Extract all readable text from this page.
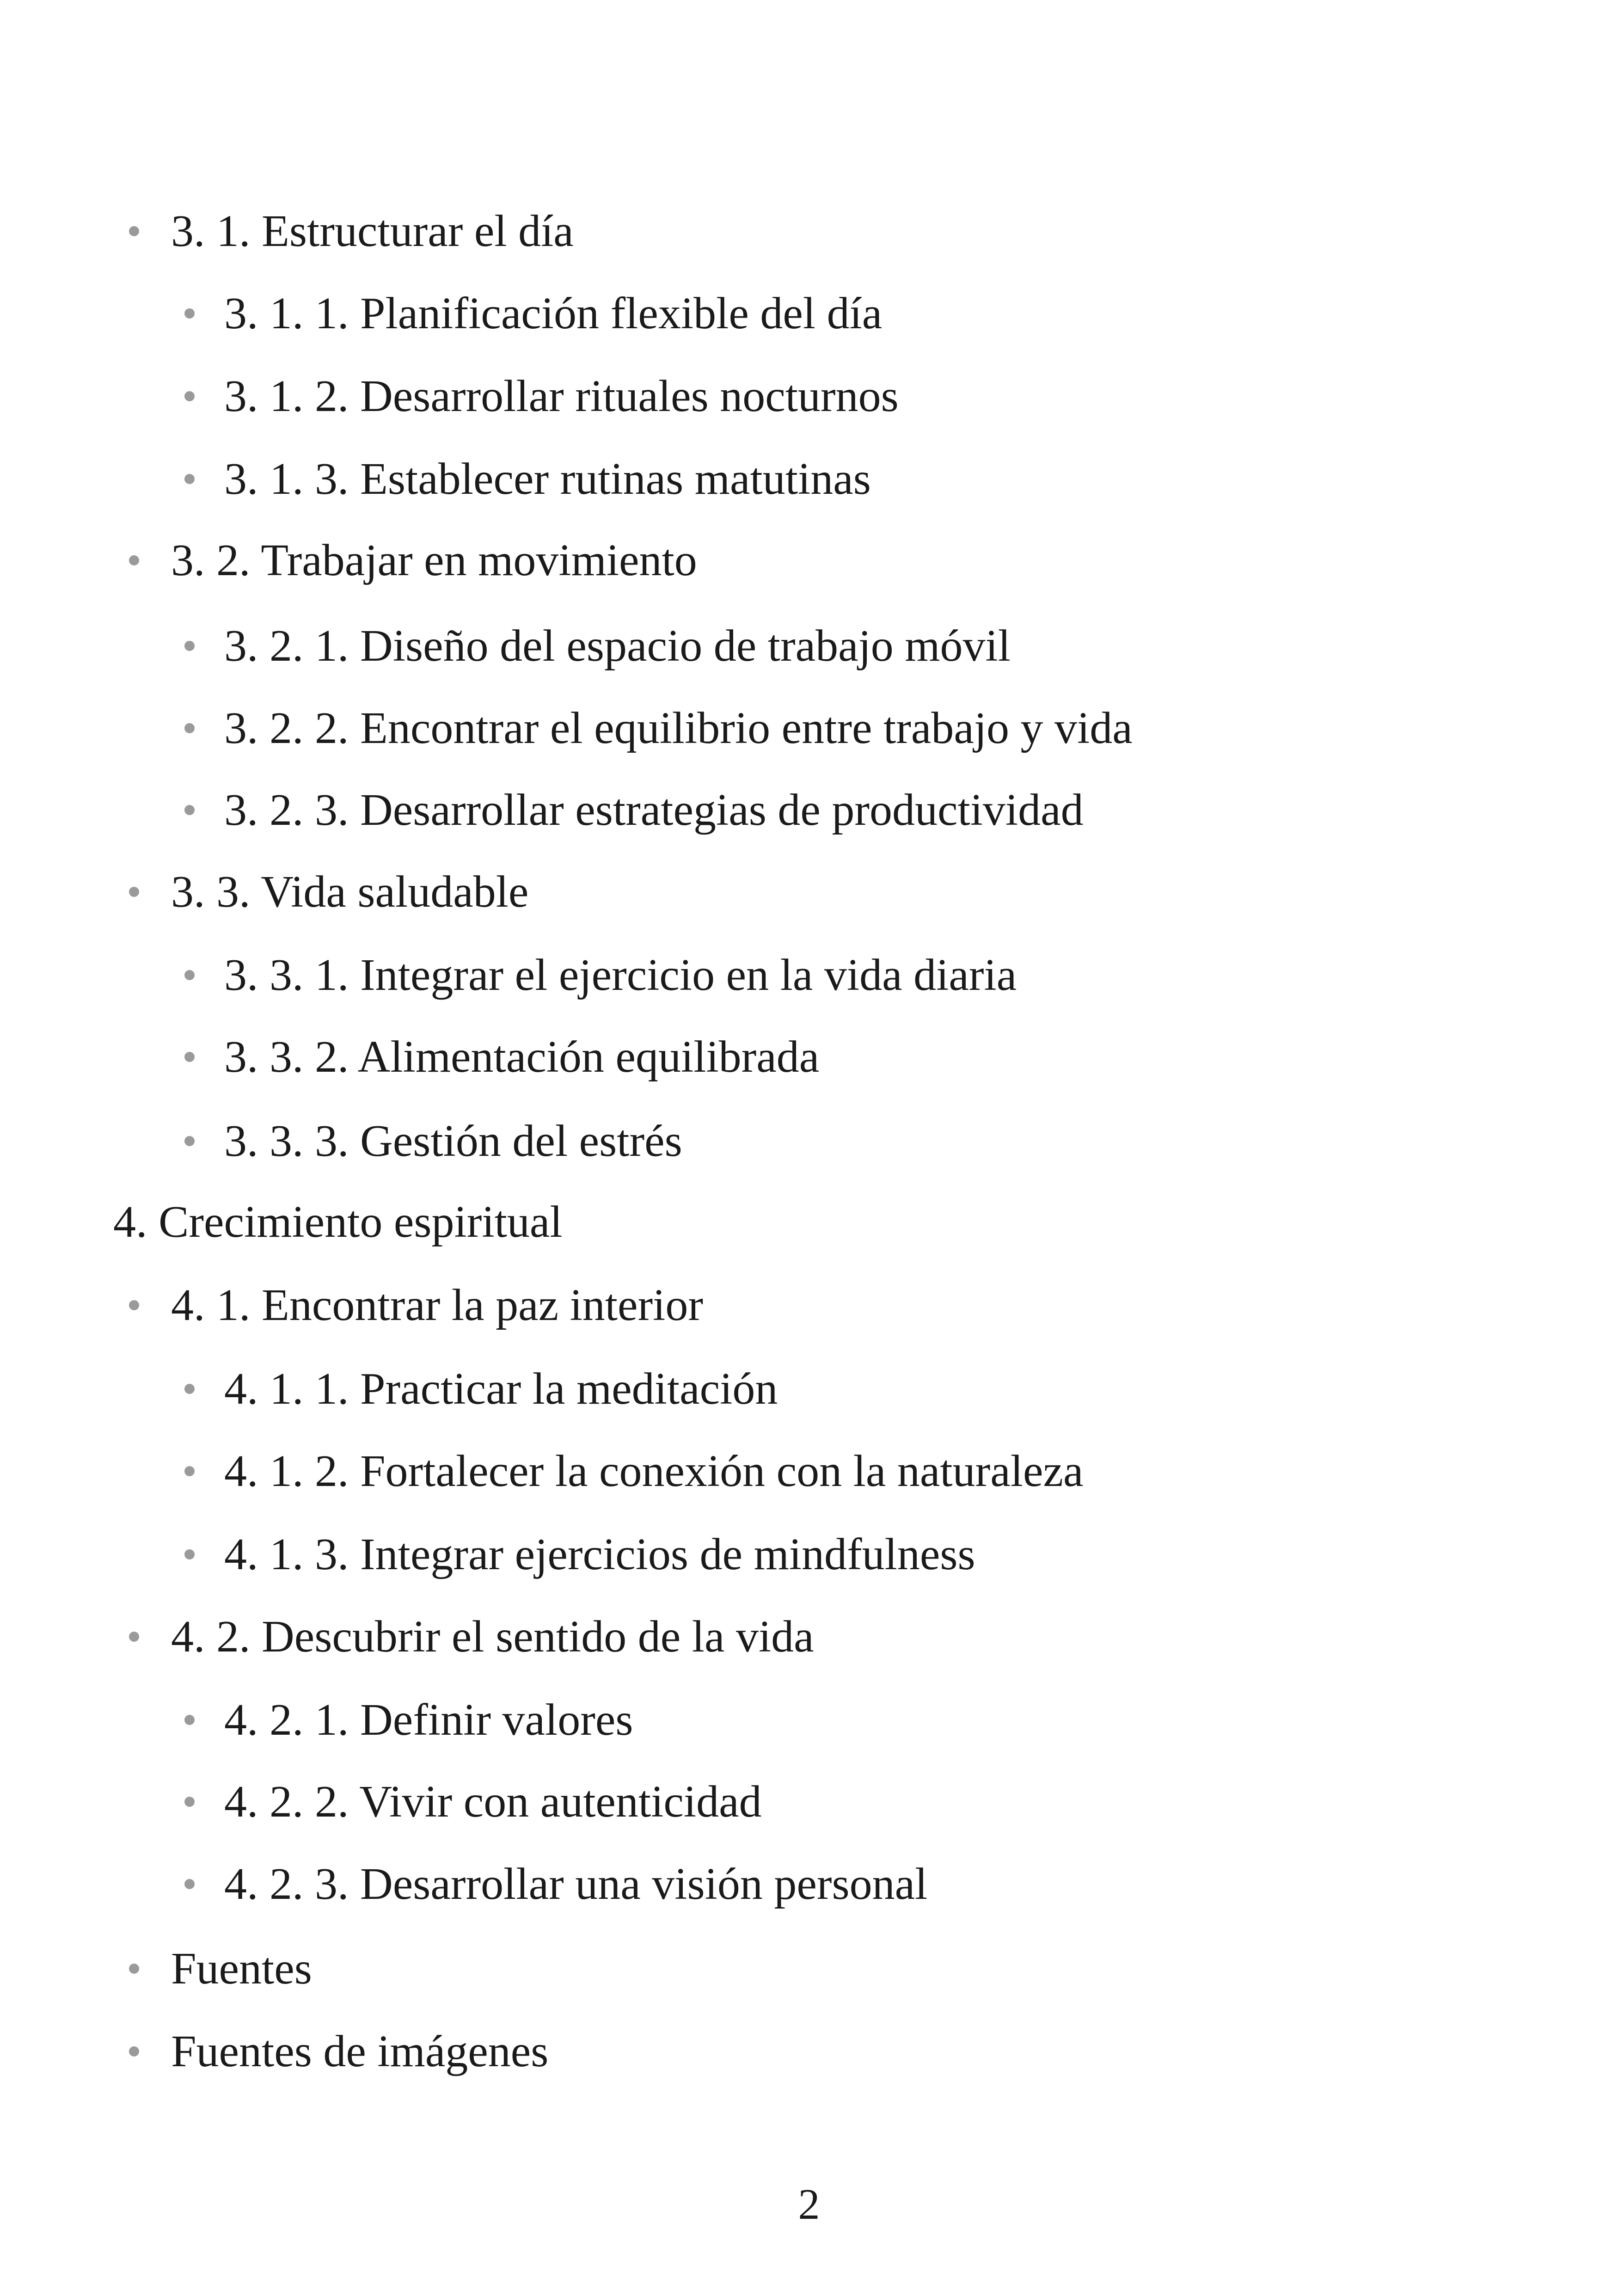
3. 1. Estructurar el día
3. 1. 1. Planificación flexible del día
3. 1. 2. Desarrollar rituales nocturnos
3. 1. 3. Establecer rutinas matutinas
3. 2. Trabajar en movimiento
3. 2. 1. Diseño del espacio de trabajo móvil
3. 2. 2. Encontrar el equilibrio entre trabajo y vida
3. 2. 3. Desarrollar estrategias de productividad
3. 3. Vida saludable
3. 3. 1. Integrar el ejercicio en la vida diaria
3. 3. 2. Alimentación equilibrada
3. 3. 3. Gestión del estrés
4. Crecimiento espiritual
4. 1. Encontrar la paz interior
4. 1. 1. Practicar la meditación
4. 1. 2. Fortalecer la conexión con la naturaleza
4. 1. 3. Integrar ejercicios de mindfulness
4. 2. Descubrir el sentido de la vida
4. 2. 1. Definir valores
4. 2. 2. Vivir con autenticidad
4. 2. 3. Desarrollar una visión personal
Fuentes
Fuentes de imágenes
2
